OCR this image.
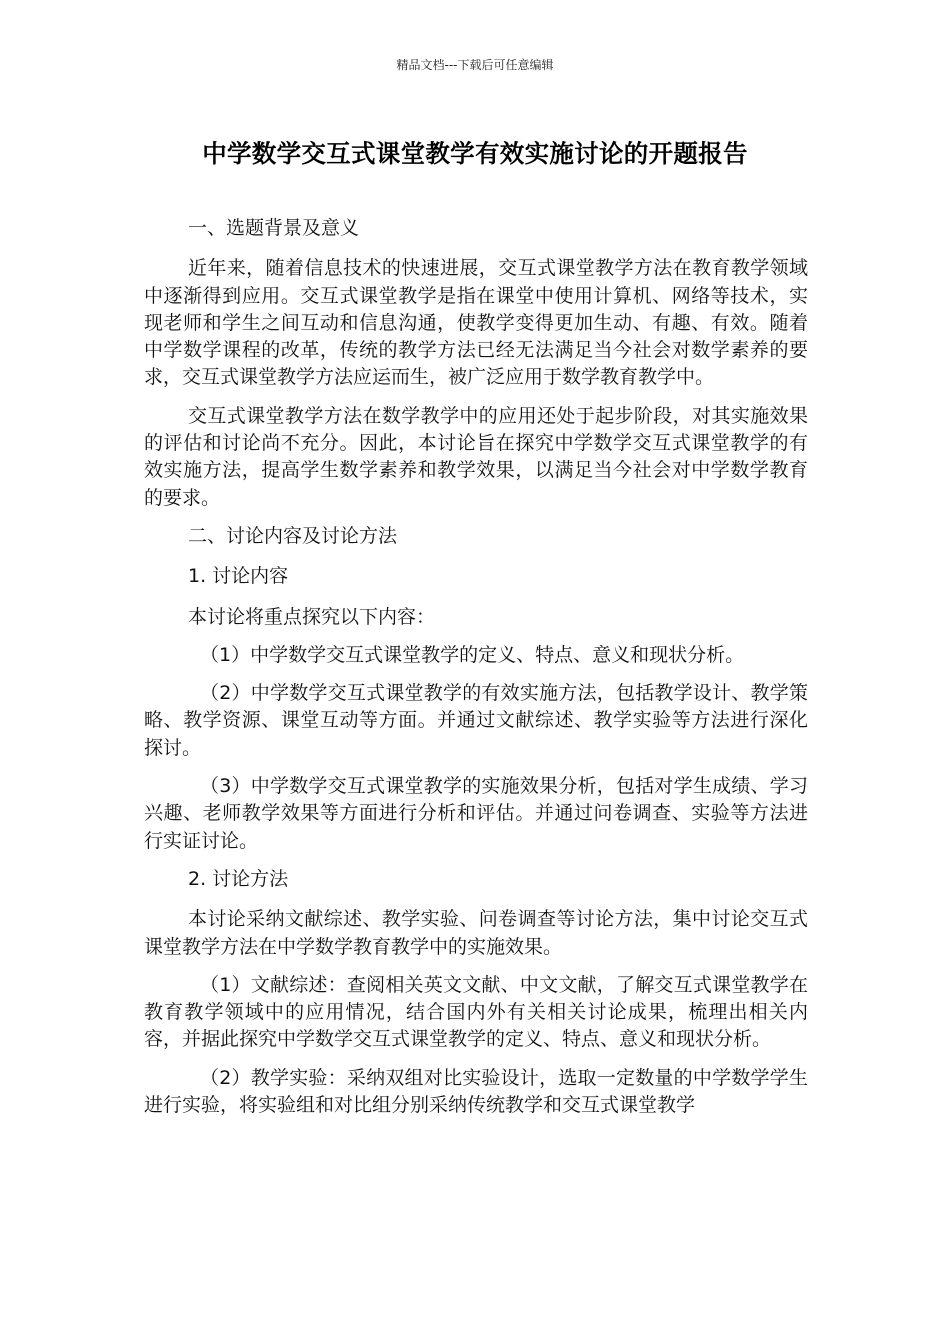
精品文档---下载后可任意编辑
中学数学交互式课堂教学有效实施讨论的开题报告

一、选题背景及意义

近年来，随着信息技术的快速进展，交互式课堂教学方法在教育教学领域中逐渐得到应用。交互式课堂教学是指在课堂中使用计算机、网络等技术，实现老师和学生之间互动和信息沟通，使教学变得更加生动、有趣、有效。随着中学数学课程的改革，传统的教学方法已经无法满足当今社会对数学素养的要求，交互式课堂教学方法应运而生，被广泛应用于数学教育教学中。

交互式课堂教学方法在数学教学中的应用还处于起步阶段，对其实施效果的评估和讨论尚不充分。因此，本讨论旨在探究中学数学交互式课堂教学的有效实施方法，提高学生数学素养和教学效果，以满足当今社会对中学数学教育的要求。

二、讨论内容及讨论方法

1. 讨论内容

本讨论将重点探究以下内容：

（1）中学数学交互式课堂教学的定义、特点、意义和现状分析。

（2）中学数学交互式课堂教学的有效实施方法，包括教学设计、教学策略、教学资源、课堂互动等方面。并通过文献综述、教学实验等方法进行深化探讨。

（3）中学数学交互式课堂教学的实施效果分析，包括对学生成绩、学习兴趣、老师教学效果等方面进行分析和评估。并通过问卷调查、实验等方法进行实证讨论。

2. 讨论方法

本讨论采纳文献综述、教学实验、问卷调查等讨论方法，集中讨论交互式课堂教学方法在中学数学教育教学中的实施效果。

（1）文献综述：查阅相关英文文献、中文文献，了解交互式课堂教学在教育教学领域中的应用情况，结合国内外有关相关讨论成果，梳理出相关内容，并据此探究中学数学交互式课堂教学的定义、特点、意义和现状分析。

（2）教学实验：采纳双组对比实验设计，选取一定数量的中学数学学生进行实验，将实验组和对比组分别采纳传统教学和交互式课堂教学
